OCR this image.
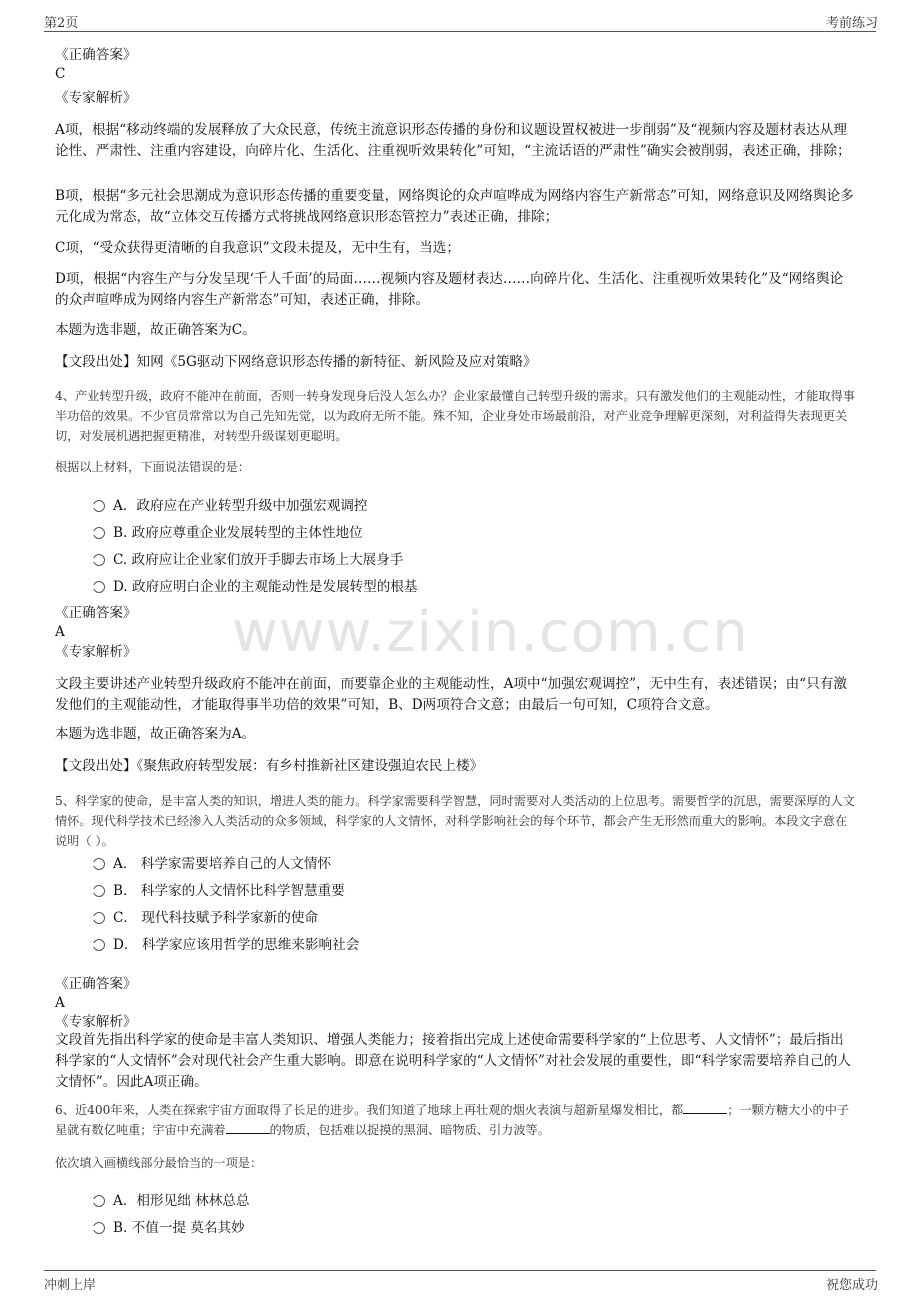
第2页	考前练习
www.zixin.com.cn
《正确答案》
C
《专家解析》
A项，根据“移动终端的发展释放了大众民意，传统主流意识形态传播的身份和议题设置权被进一步削弱”及“视频内容及题材表达从理论性、严肃性、注重内容建设，向碎片化、生活化、注重视听效果转化”可知，“主流话语的严肃性”确实会被削弱，表述正确，排除；
B项，根据“多元社会思潮成为意识形态传播的重要变量，网络舆论的众声喧哗成为网络内容生产新常态”可知，网络意识及网络舆论多元化成为常态，故“立体交互传播方式将挑战网络意识形态管控力”表述正确，排除；
C项，“受众获得更清晰的自我意识”文段未提及，无中生有，当选；
D项，根据“内容生产与分发呈现‘千人千面’的局面……视频内容及题材表达……向碎片化、生活化、注重视听效果转化”及“网络舆论的众声喧哗成为网络内容生产新常态”可知，表述正确，排除。
本题为选非题，故正确答案为C。
【文段出处】知网《5G驱动下网络意识形态传播的新特征、新风险及应对策略》
4、产业转型升级，政府不能冲在前面，否则一转身发现身后没人怎么办？企业家最懂自己转型升级的需求。只有激发他们的主观能动性，才能取得事半功倍的效果。不少官员常常以为自己先知先觉，以为政府无所不能。殊不知，企业身处市场最前沿，对产业竞争理解更深刻，对利益得失表现更关切，对发展机遇把握更精准，对转型升级谋划更聪明。
根据以上材料，下面说法错误的是：
A．政府应在产业转型升级中加强宏观调控
B. 政府应尊重企业发展转型的主体性地位
C. 政府应让企业家们放开手脚去市场上大展身手
D. 政府应明白企业的主观能动性是发展转型的根基
《正确答案》
A
《专家解析》
文段主要讲述产业转型升级政府不能冲在前面，而要靠企业的主观能动性，A项中“加强宏观调控”，无中生有，表述错误；由“只有激发他们的主观能动性，才能取得事半功倍的效果”可知，B、D两项符合文意；由最后一句可知，C项符合文意。
本题为选非题，故正确答案为A。
【文段出处】《聚焦政府转型发展：有乡村推新社区建设强迫农民上楼》
5、科学家的使命，是丰富人类的知识，增进人类的能力。科学家需要科学智慧，同时需要对人类活动的上位思考。需要哲学的沉思，需要深厚的人文情怀。现代科学技术已经渗入人类活动的众多领域，科学家的人文情怀，对科学影响社会的每个环节，都会产生无形然而重大的影响。本段文字意在说明（ ）。
A． 科学家需要培养自己的人文情怀
B． 科学家的人文情怀比科学智慧重要
C． 现代科技赋予科学家新的使命
D． 科学家应该用哲学的思维来影响社会
《正确答案》
A
《专家解析》
文段首先指出科学家的使命是丰富人类知识、增强人类能力；接着指出完成上述使命需要科学家的“上位思考、人文情怀”；最后指出科学家的“人文情怀”会对现代社会产生重大影响。即意在说明科学家的“人文情怀”对社会发展的重要性，即“科学家需要培养自己的人文情怀”。因此A项正确。
6、近400年来，人类在探索宇宙方面取得了长足的进步。我们知道了地球上再壮观的烟火表演与超新星爆发相比，都	；一颗方糖大小的中子星就有数亿吨重；宇宙中充满着	的物质，包括难以捉摸的黑洞、暗物质、引力波等。
依次填入画横线部分最恰当的一项是：
A．相形见绌 林林总总
B. 不值一提 莫名其妙
冲刺上岸	祝您成功
